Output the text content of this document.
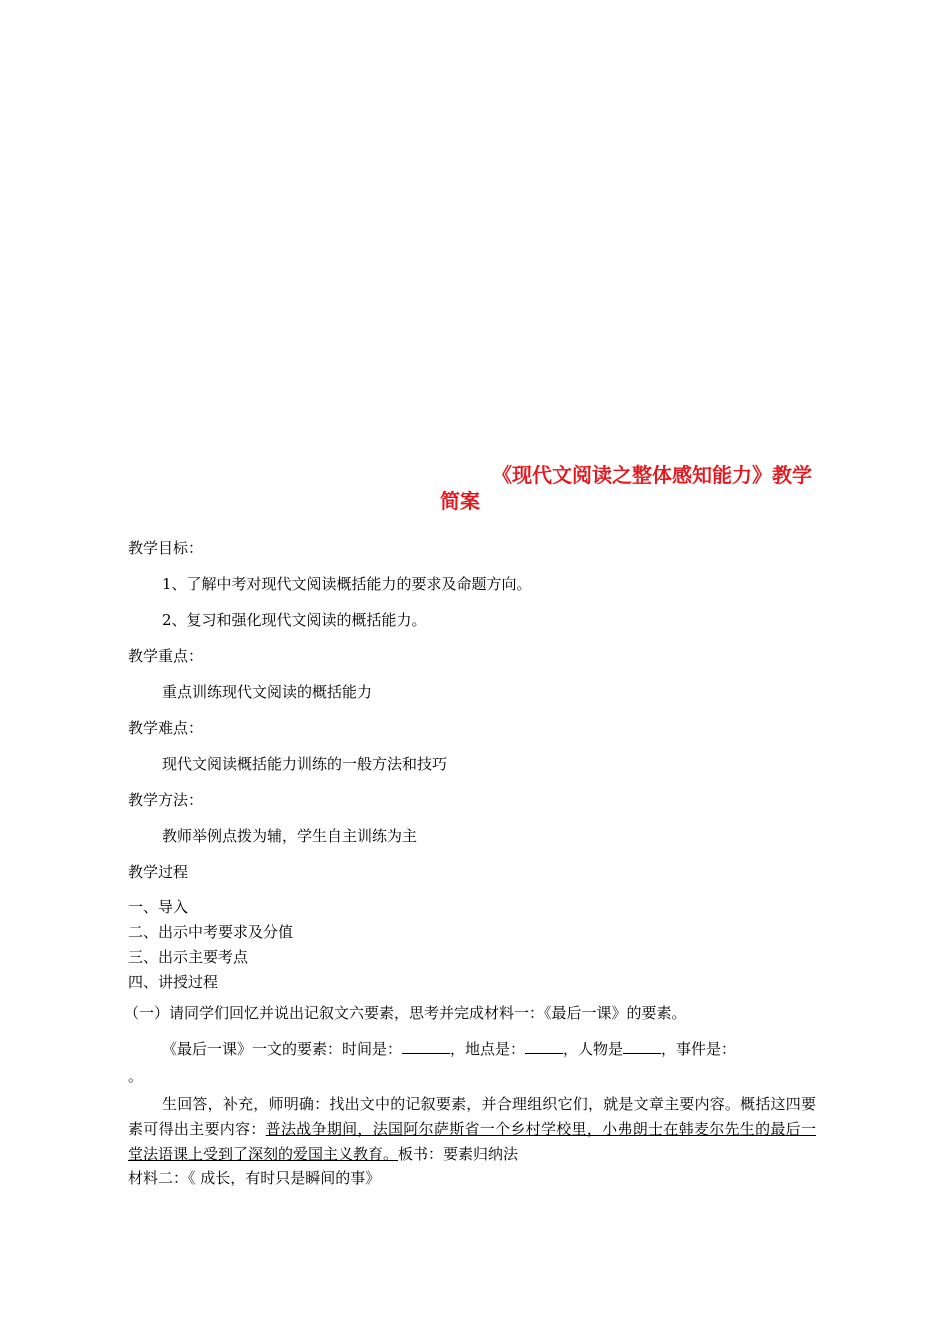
《现代文阅读之整体感知能力》教学简案
教学目标：
1、了解中考对现代文阅读概括能力的要求及命题方向。
2、复习和强化现代文阅读的概括能力。
教学重点：
重点训练现代文阅读的概括能力
教学难点：
现代文阅读概括能力训练的一般方法和技巧
教学方法：
教师举例点拨为辅，学生自主训练为主
教学过程
一、导入
二、出示中考要求及分值
三、出示主要考点
四、讲授过程
（一）请同学们回忆并说出记叙文六要素，思考并完成材料一：《最后一课》的要素。
《最后一课》一文的要素：时间是：	，地点是：	，人物是	，事件是：
。
生回答，补充，师明确：找出文中的记叙要素，并合理组织它们，就是文章主要内容。概括这四要素可得出主要内容：普法战争期间，法国阿尔萨斯省一个乡村学校里，小弗朗士在韩麦尔先生的最后一堂法语课上受到了深刻的爱国主义教育。板书：要素归纳法
材料二：《 成长，有时只是瞬间的事》
